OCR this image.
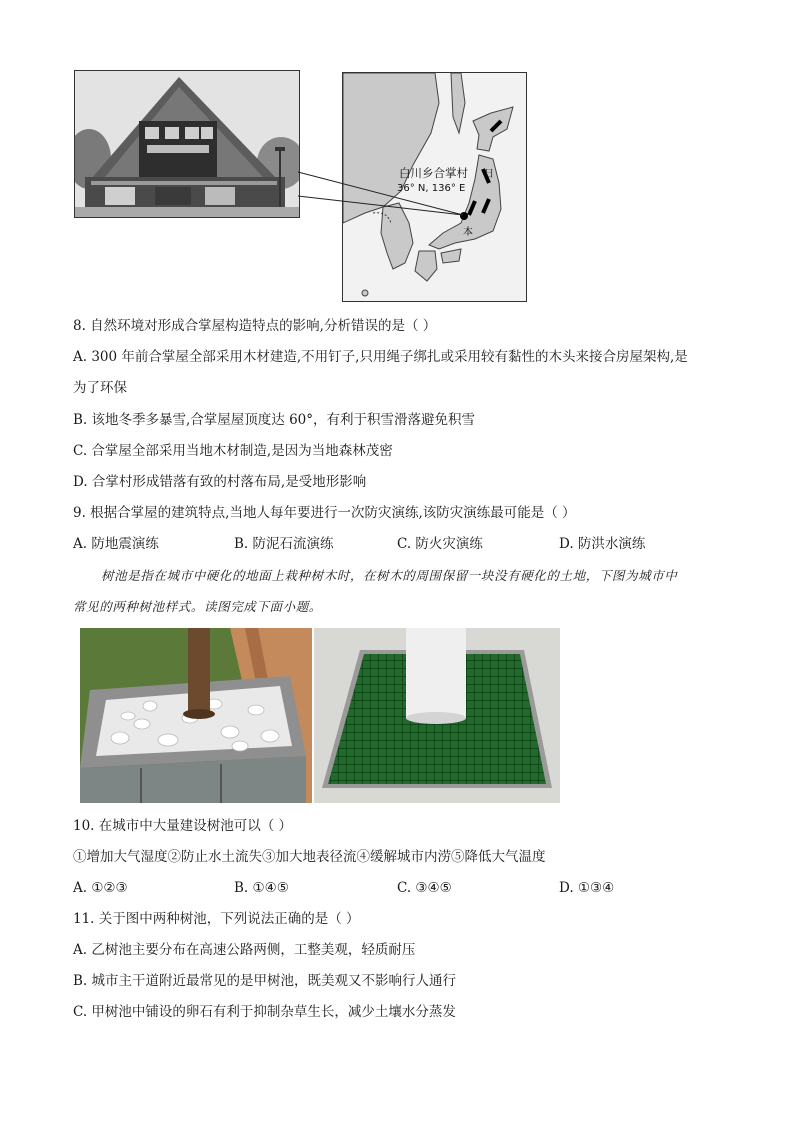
白川乡合掌村
36° N, 136° E
日
本
8. 自然环境对形成合掌屋构造特点的影响,分析错误的是（ ）
A. 300 年前合掌屋全部采用木材建造,不用钉子,只用绳子绑扎或采用较有黏性的木头来接合房屋架构,是
为了环保
B. 该地冬季多暴雪,合掌屋屋顶度达 60°，有利于积雪滑落避免积雪
C. 合掌屋全部采用当地木材制造,是因为当地森林茂密
D. 合掌村形成错落有致的村落布局,是受地形影响
9. 根据合掌屋的建筑特点,当地人每年要进行一次防灾演练,该防灾演练最可能是（ ）
A. 防地震演练	B. 防泥石流演练	C. 防火灾演练	D. 防洪水演练
树池是指在城市中硬化的地面上栽种树木时，在树木的周围保留一块没有硬化的土地，下图为城市中
常见的两种树池样式。读图完成下面小题。
10. 在城市中大量建设树池可以（ ）
①增加大气湿度②防止水土流失③加大地表径流④缓解城市内涝⑤降低大气温度
A. ①②③	B. ①④⑤	C. ③④⑤	D. ①③④
11. 关于图中两种树池，下列说法正确的是（ ）
A. 乙树池主要分布在高速公路两侧，工整美观，轻质耐压
B. 城市主干道附近最常见的是甲树池，既美观又不影响行人通行
C. 甲树池中铺设的卵石有利于抑制杂草生长，减少土壤水分蒸发
